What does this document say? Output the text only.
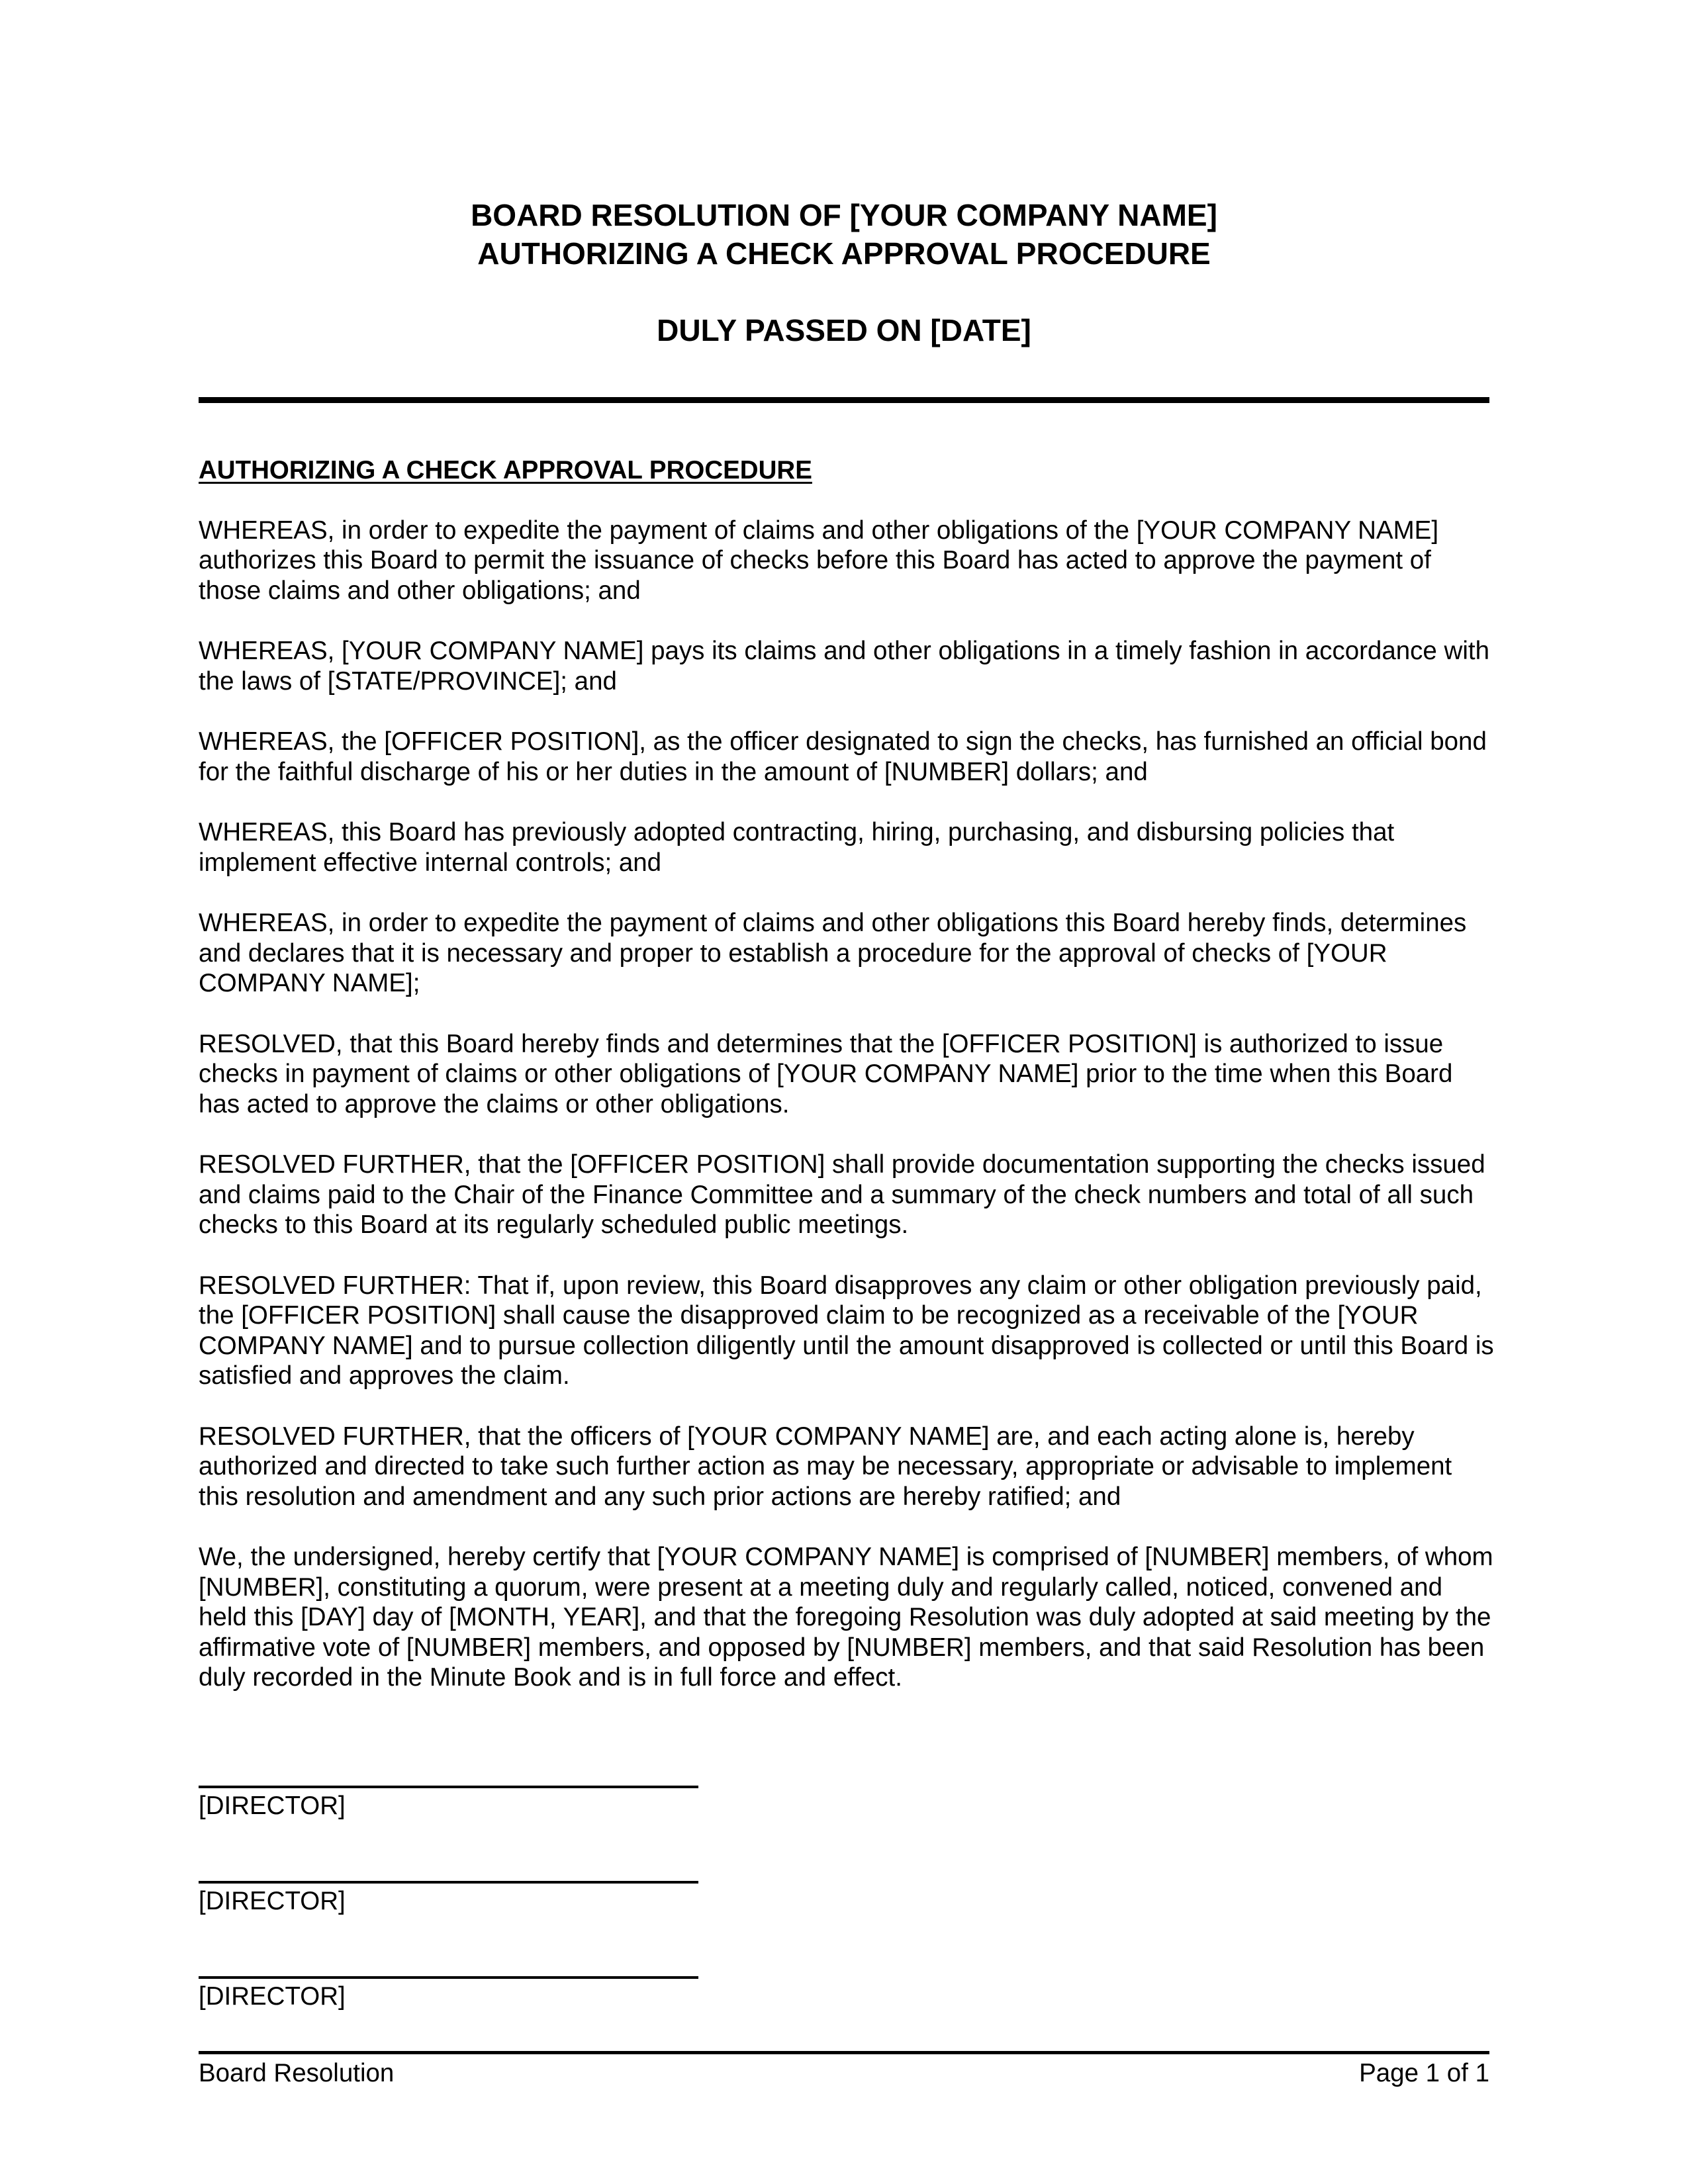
BOARD RESOLUTION OF [YOUR COMPANY NAME]
AUTHORIZING A CHECK APPROVAL PROCEDURE
DULY PASSED ON [DATE]

AUTHORIZING A CHECK APPROVAL PROCEDURE

WHEREAS, in order to expedite the payment of claims and other obligations of the [YOUR COMPANY NAME] authorizes this Board to permit the issuance of checks before this Board has acted to approve the payment of those claims and other obligations; and

WHEREAS, [YOUR COMPANY NAME] pays its claims and other obligations in a timely fashion in accordance with the laws of [STATE/PROVINCE]; and

WHEREAS, the [OFFICER POSITION], as the officer designated to sign the checks, has furnished an official bond for the faithful discharge of his or her duties in the amount of [NUMBER] dollars; and

WHEREAS, this Board has previously adopted contracting, hiring, purchasing, and disbursing policies that implement effective internal controls; and

WHEREAS, in order to expedite the payment of claims and other obligations this Board hereby finds, determines and declares that it is necessary and proper to establish a procedure for the approval of checks of [YOUR COMPANY NAME];

RESOLVED, that this Board hereby finds and determines that the [OFFICER POSITION] is authorized to issue checks in payment of claims or other obligations of [YOUR COMPANY NAME] prior to the time when this Board has acted to approve the claims or other obligations.

RESOLVED FURTHER, that the [OFFICER POSITION] shall provide documentation supporting the checks issued and claims paid to the Chair of the Finance Committee and a summary of the check numbers and total of all such checks to this Board at its regularly scheduled public meetings.

RESOLVED FURTHER: That if, upon review, this Board disapproves any claim or other obligation previously paid, the [OFFICER POSITION] shall cause the disapproved claim to be recognized as a receivable of the [YOUR COMPANY NAME] and to pursue collection diligently until the amount disapproved is collected or until this Board is satisfied and approves the claim.

RESOLVED FURTHER, that the officers of [YOUR COMPANY NAME] are, and each acting alone is, hereby authorized and directed to take such further action as may be necessary, appropriate or advisable to implement this resolution and amendment and any such prior actions are hereby ratified; and

We, the undersigned, hereby certify that [YOUR COMPANY NAME] is comprised of [NUMBER] members, of whom [NUMBER], constituting a quorum, were present at a meeting duly and regularly called, noticed, convened and held this [DAY] day of [MONTH, YEAR], and that the foregoing Resolution was duly adopted at said meeting by the affirmative vote of [NUMBER] members, and opposed by [NUMBER] members, and that said Resolution has been duly recorded in the Minute Book and is in full force and effect.

[DIRECTOR]
[DIRECTOR]
[DIRECTOR]
Board Resolution	Page 1 of 1
